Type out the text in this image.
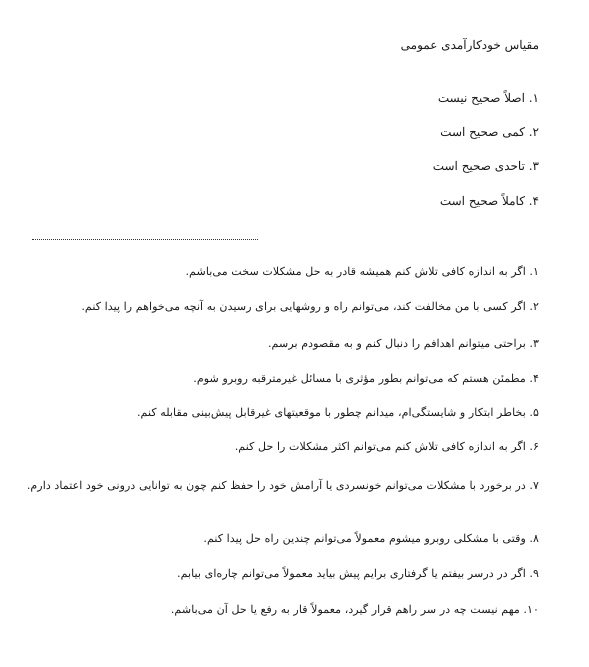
مقیاس خودکارآمدی عمومی
۱. اصلاً صحیح نیست
۲. کمی صحیح است
۳. تاحدی صحیح است
۴. کاملاً صحیح است
۱. اگر به اندازه کافی تلاش کنم همیشه قادر به حل مشکلات سخت می‌باشم.
۲. اگر کسی با من مخالفت کند، می‌توانم راه و روشهایی برای رسیدن به آنچه می‌خواهم را پیدا کنم.
۳. براحتی میتوانم اهدافم را دنبال کنم و به مقصودم برسم.
۴. مطمئن هستم که می‌توانم بطور مؤثری با مسائل غیرمترقبه روبرو شوم.
۵. بخاطر ابتکار و شایستگی‌ام، میدانم چطور با موقعیتهای غیرقابل پیش‌بینی مقابله کنم.
۶. اگر به اندازه کافی تلاش کنم می‌توانم اکثر مشکلات را حل کنم.
۷. در برخورد با مشکلات می‌توانم خونسردی یا آرامش خود را حفظ کنم چون به توانایی درونی خود اعتماد دارم.
۸. وقتی با مشکلی روبرو میشوم معمولاً می‌توانم چندین راه حل پیدا کنم.
۹. اگر در درسر بیفتم یا گرفتاری برایم پیش بیاید معمولاً می‌توانم چاره‌ای بیابم.
۱۰. مهم نیست چه در سر راهم قرار گیرد، معمولاً قار به رفع یا حل آن می‌باشم.
